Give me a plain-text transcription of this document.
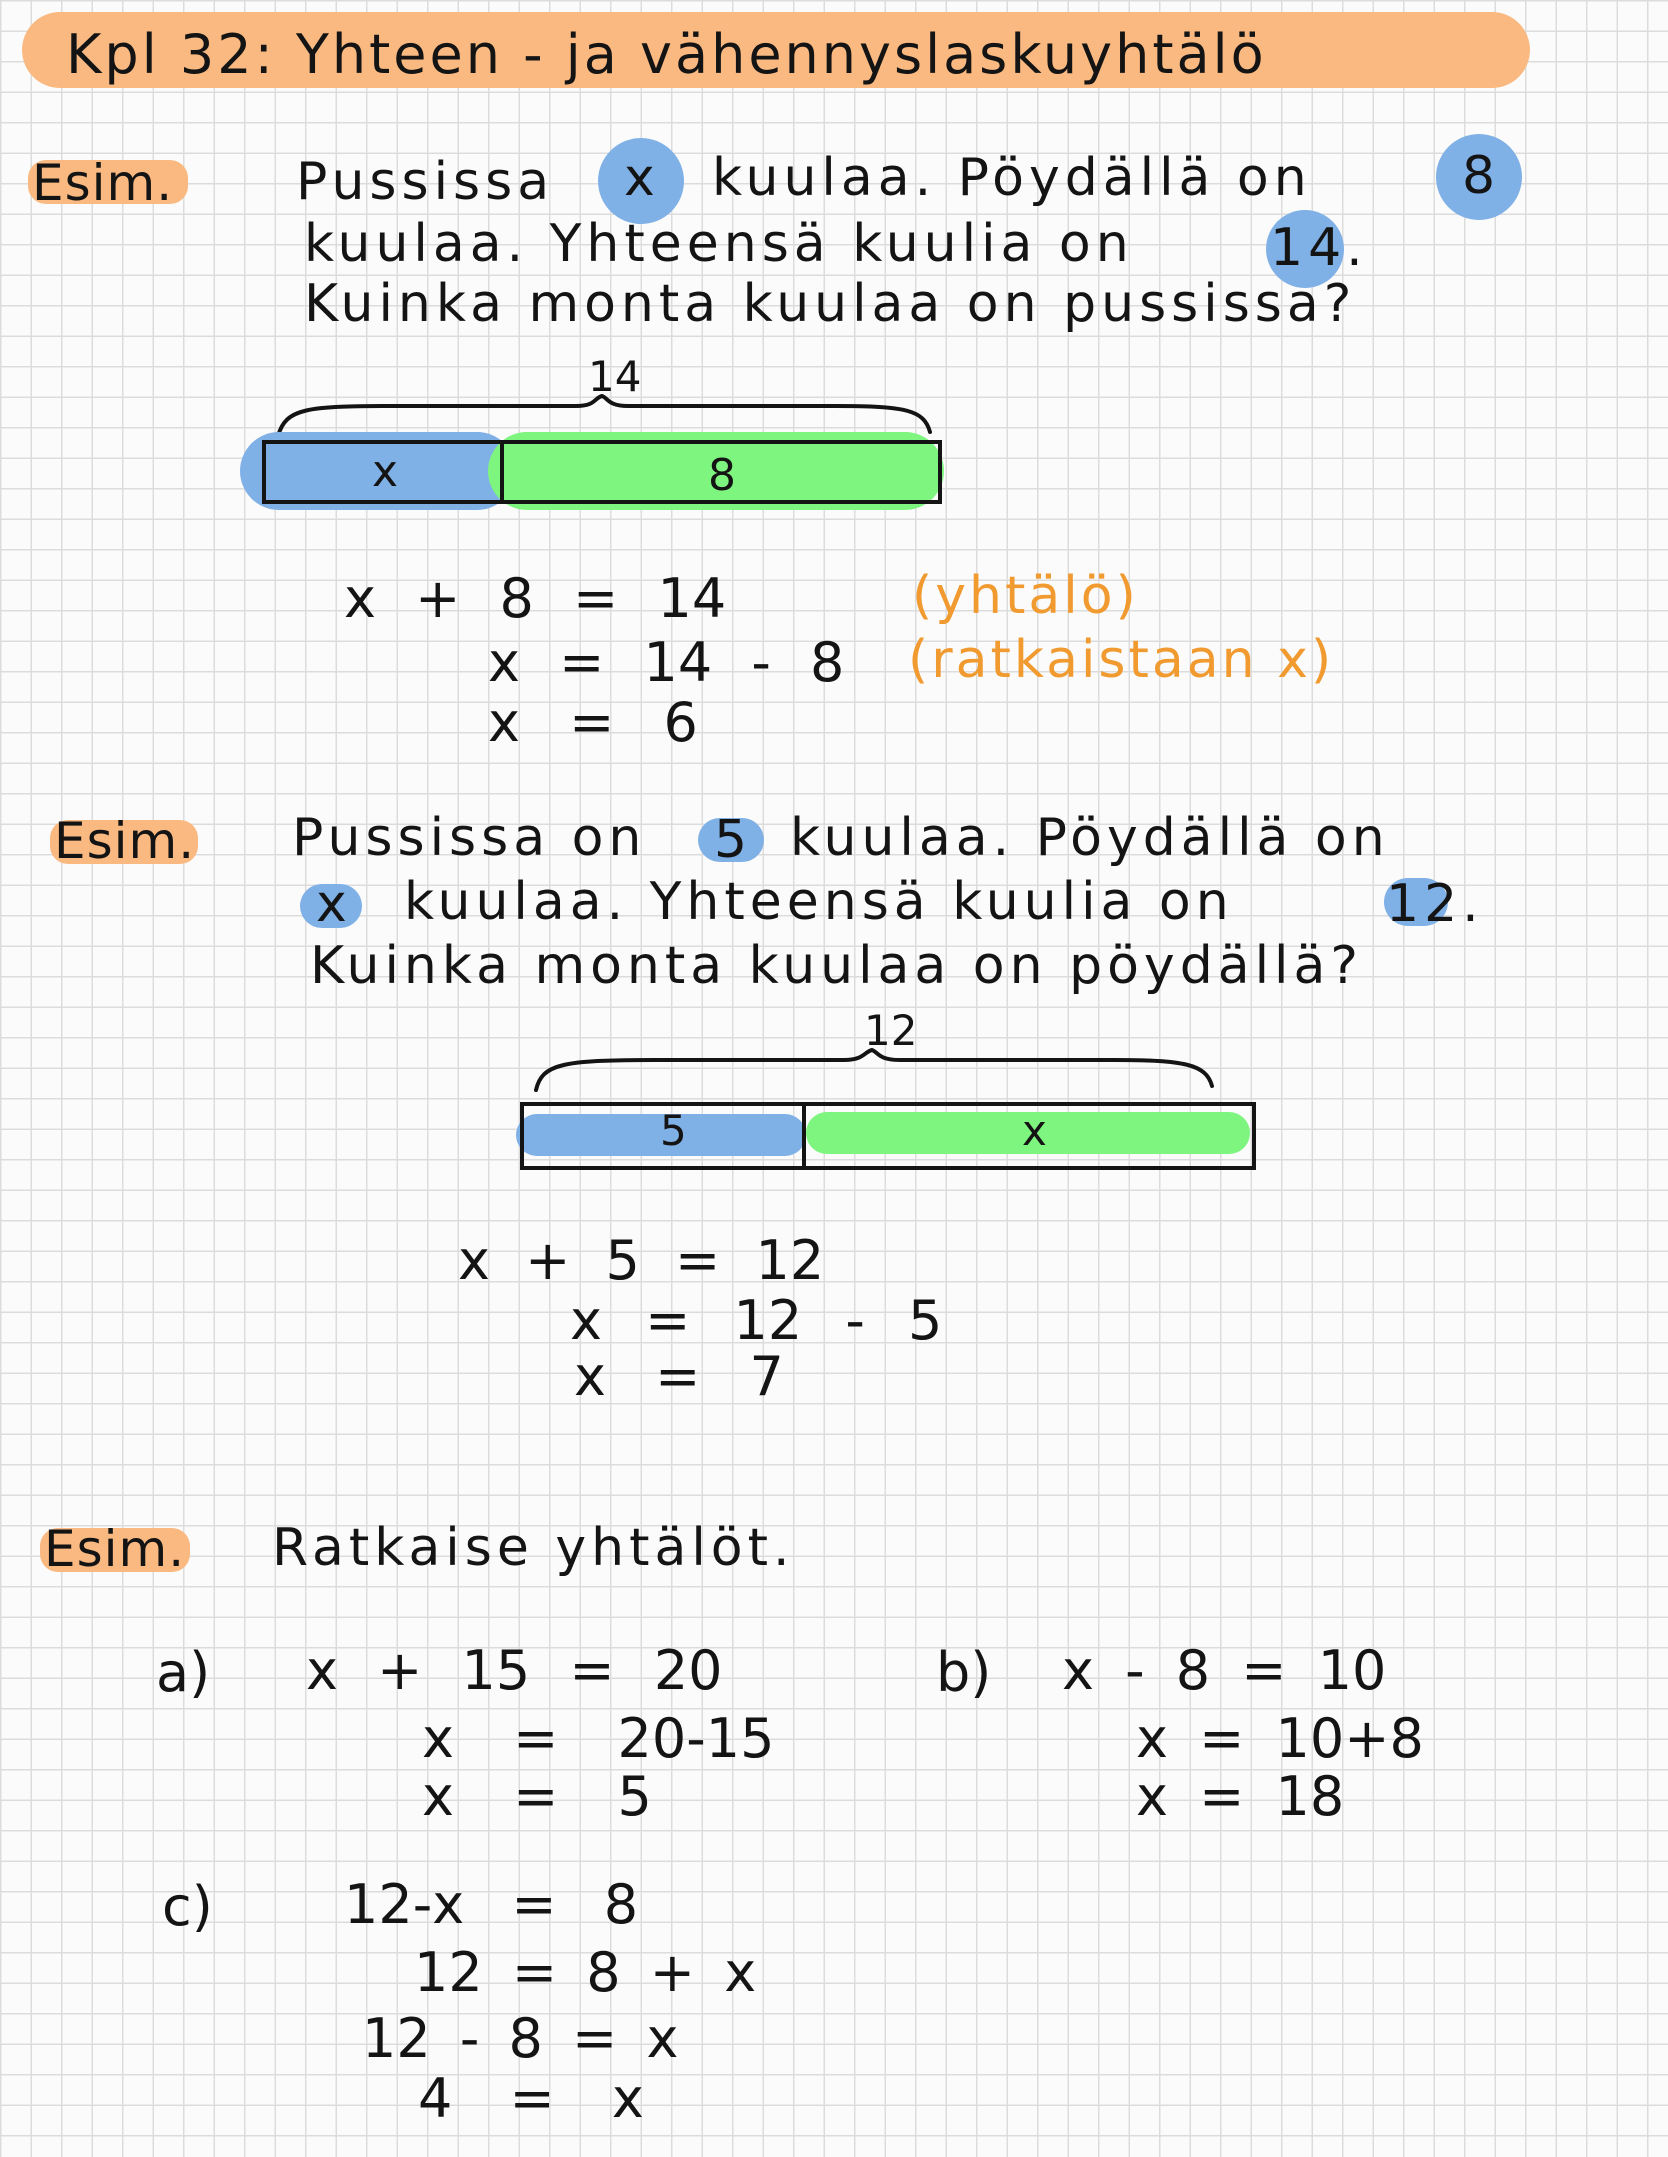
Kpl 32: Yhteen - ja vähennyslaskuyhtälö
Esim. Pussissa x kuulaa. Pöydällä on	8
kuulaa. Yhteensä kuulia on	14.
Kuinka monta kuulaa on pussissa?
14
x	8
x + 8 = 14
x = 14 - 8
x = 6
(yhtälö)
(ratkaistaan x)
Esim. Pussissa on 5 kuulaa. Pöydällä on
x kuulaa. Yhteensä kuulia on	12.
Kuinka monta kuulaa on pöydällä?
12
5	x
x + 5 = 12
x = 12 - 5
x = 7
Esim. Ratkaise yhtälöt.
a) x + 15 = 20
x = 20-15
x = 5
b) x - 8 = 10
x = 10+8
x = 18
c) 12-x = 8
12 = 8 + x
12 - 8 = x
4 = x
